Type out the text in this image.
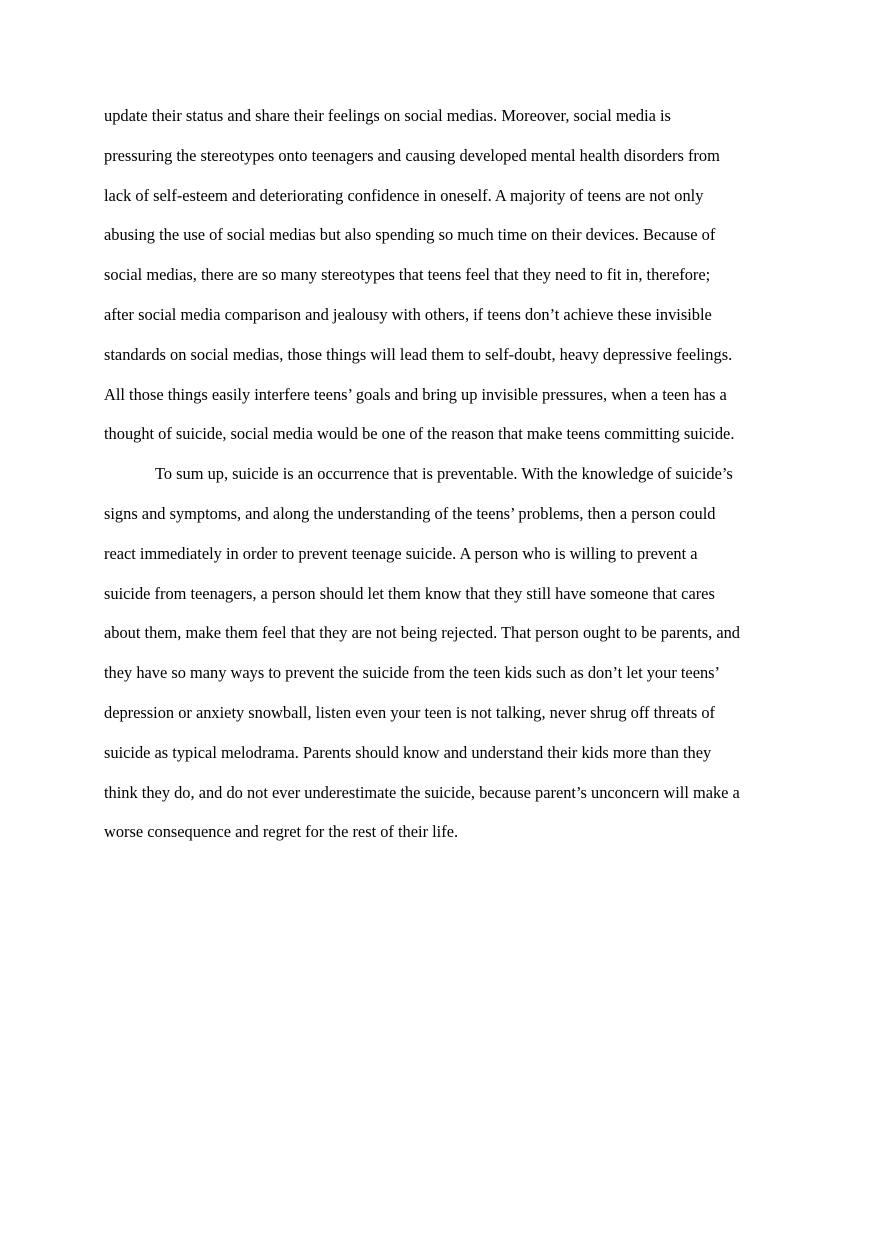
update their status and share their feelings on social medias. Moreover, social media is
pressuring the stereotypes onto teenagers and causing developed mental health disorders from
lack of self-esteem and deteriorating confidence in oneself. A majority of teens are not only
abusing the use of social medias but also spending so much time on their devices. Because of
social medias, there are so many stereotypes that teens feel that they need to fit in, therefore;
after social media comparison and jealousy with others, if teens don’t achieve these invisible
standards on social medias, those things will lead them to self-doubt, heavy depressive feelings.
All those things easily interfere teens’ goals and bring up invisible pressures, when a teen has a
thought of suicide, social media would be one of the reason that make teens committing suicide.
To sum up, suicide is an occurrence that is preventable. With the knowledge of suicide’s
signs and symptoms, and along the understanding of the teens’ problems, then a person could
react immediately in order to prevent teenage suicide. A person who is willing to prevent a
suicide from teenagers, a person should let them know that they still have someone that cares
about them, make them feel that they are not being rejected. That person ought to be parents, and
they have so many ways to prevent the suicide from the teen kids such as don’t let your teens’
depression or anxiety snowball, listen even your teen is not talking, never shrug off threats of
suicide as typical melodrama. Parents should know and understand their kids more than they
think they do, and do not ever underestimate the suicide, because parent’s unconcern will make a
worse consequence and regret for the rest of their life.
